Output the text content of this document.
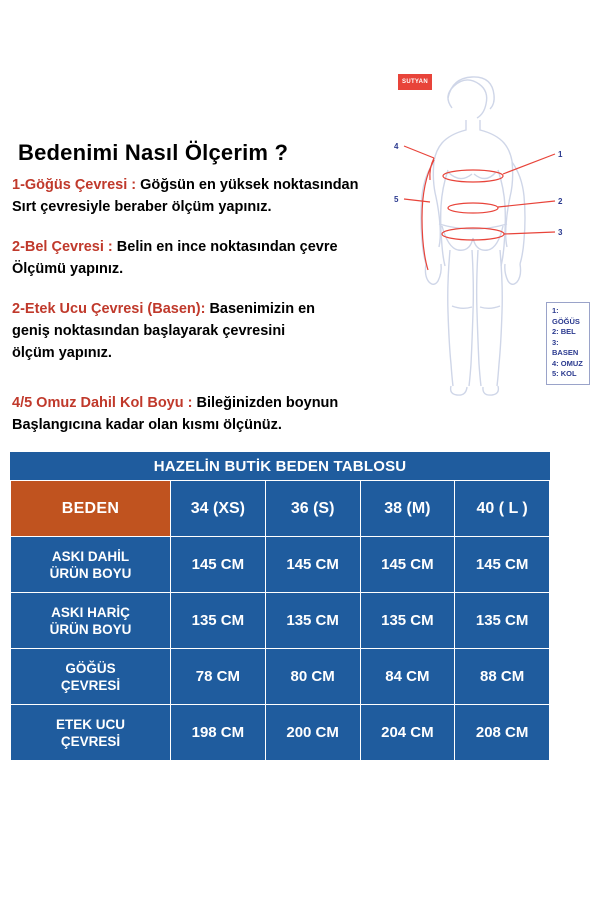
Bedenimi Nasıl Ölçerim ?
1-Göğüs Çevresi : Göğsün en yüksek noktasından
Sırt çevresiyle beraber ölçüm yapınız.
2-Bel Çevresi : Belin en ince noktasından çevre
Ölçümü yapınız.
2-Etek Ucu Çevresi (Basen): Basenimizin en
geniş noktasından başlayarak çevresini
ölçüm yapınız.
4/5 Omuz Dahil Kol Boyu : Bileğinizden boynun
Başlangıcına kadar olan kısmı ölçünüz.
SUTYAN
1
2
3
4
5
1: GÖĞÜS
2: BEL
3: BASEN
4: OMUZ
5: KOL
HAZELİN BUTİK BEDEN TABLOSU
BEDEN	34 (XS)	36 (S)	38 (M)	40 ( L )

ASKI DAHİL
ÜRÜN BOYU	145 CM	145 CM	145 CM	145 CM

ASKI HARİÇ
ÜRÜN BOYU	135 CM	135 CM	135 CM	135 CM

GÖĞÜS
ÇEVRESİ	78 CM	80 CM	84 CM	88 CM

ETEK UCU
ÇEVRESİ	198 CM	200 CM	204 CM	208 CM
